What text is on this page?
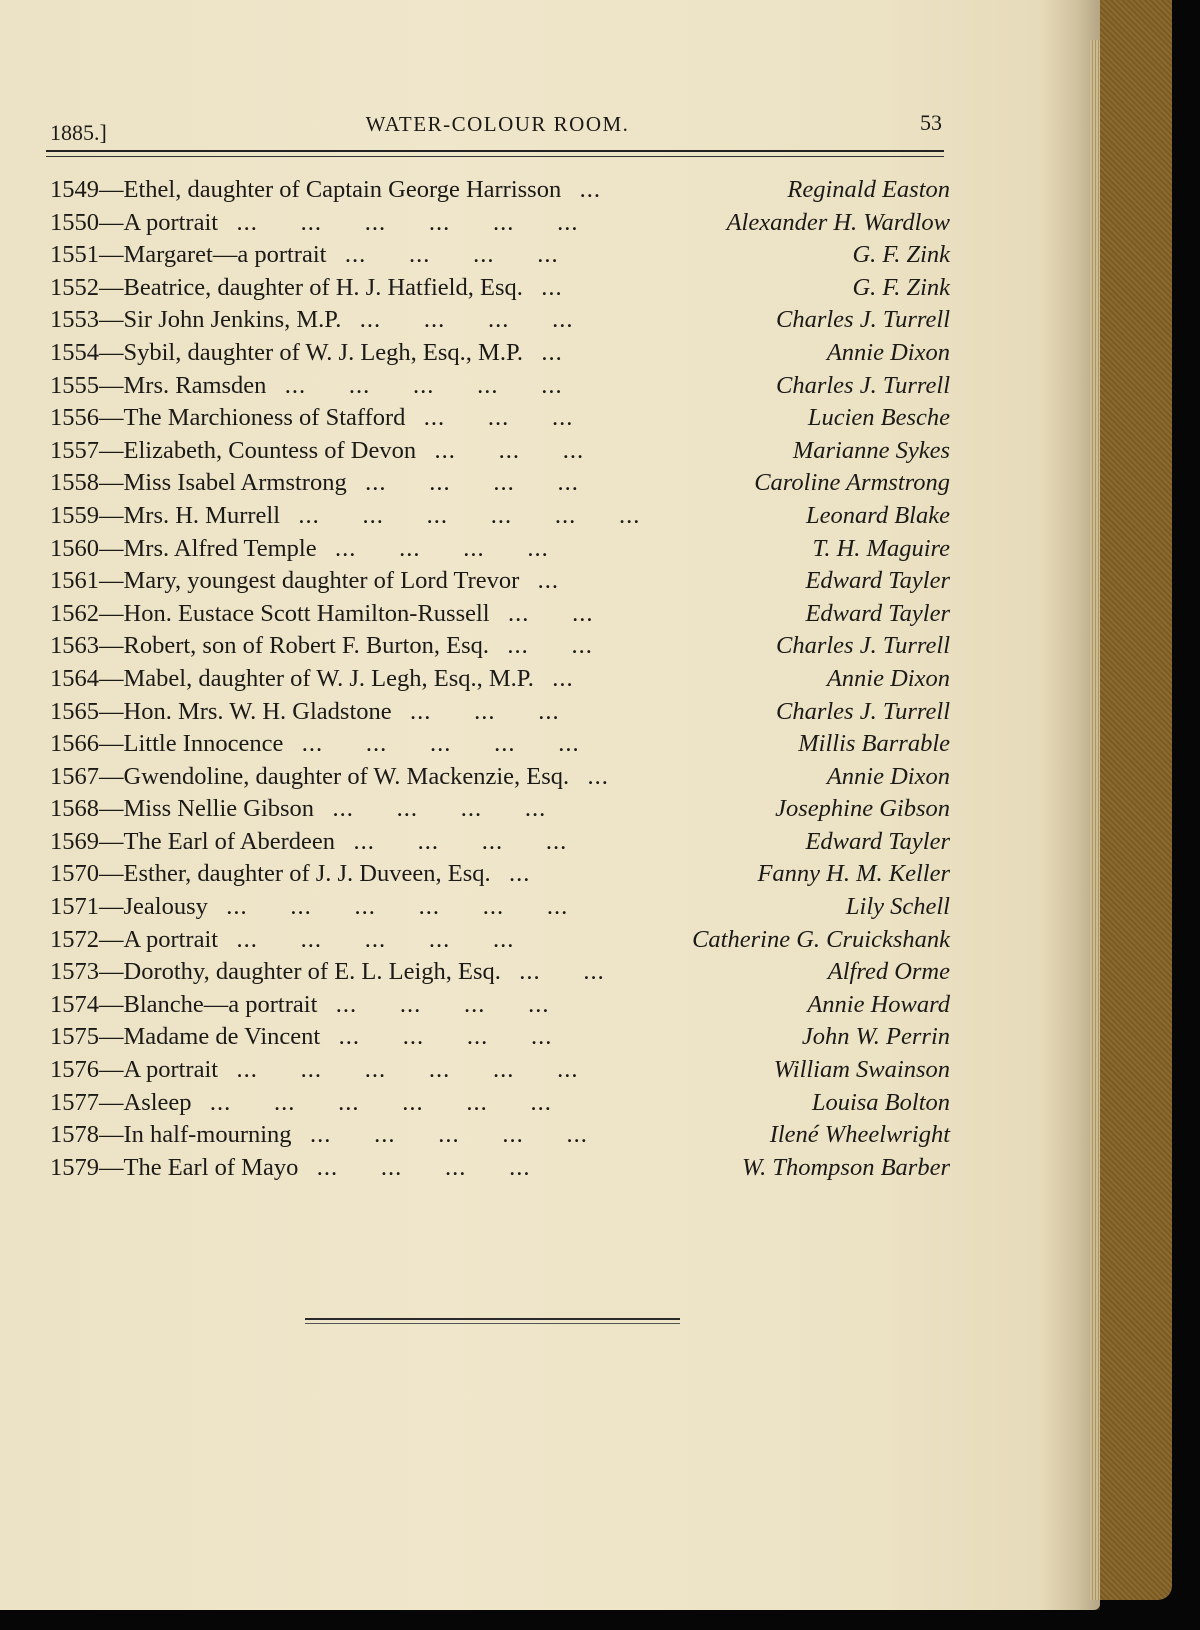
1885.]	WATER-COLOUR ROOM.	53
1549—Ethel, daughter of Captain George Harrisson ...	Reginald Easton
1550—A portrait ...      ...      ...      ...      ...      ...	Alexander H. Wardlow
1551—Margaret—a portrait ...      ...      ...      ...	G. F. Zink
1552—Beatrice, daughter of H. J. Hatfield, Esq. ...	G. F. Zink
1553—Sir John Jenkins, M.P. ...      ...      ...      ...	Charles J. Turrell
1554—Sybil, daughter of W. J. Legh, Esq., M.P. ...	Annie Dixon
1555—Mrs. Ramsden ...      ...      ...      ...      ...	Charles J. Turrell
1556—The Marchioness of Stafford ...      ...      ...	Lucien Besche
1557—Elizabeth, Countess of Devon ...      ...      ...	Marianne Sykes
1558—Miss Isabel Armstrong ...      ...      ...      ...	Caroline Armstrong
1559—Mrs. H. Murrell ...      ...      ...      ...      ...      ...	Leonard Blake
1560—Mrs. Alfred Temple ...      ...      ...      ...	T. H. Maguire
1561—Mary, youngest daughter of Lord Trevor ...	Edward Tayler
1562—Hon. Eustace Scott Hamilton-Russell ...      ...	Edward Tayler
1563—Robert, son of Robert F. Burton, Esq. ...      ...	Charles J. Turrell
1564—Mabel, daughter of W. J. Legh, Esq., M.P. ...	Annie Dixon
1565—Hon. Mrs. W. H. Gladstone ...      ...      ...	Charles J. Turrell
1566—Little Innocence ...      ...      ...      ...      ...	Millis Barrable
1567—Gwendoline, daughter of W. Mackenzie, Esq. ...	Annie Dixon
1568—Miss Nellie Gibson ...      ...      ...      ...	Josephine Gibson
1569—The Earl of Aberdeen ...      ...      ...      ...	Edward Tayler
1570—Esther, daughter of J. J. Duveen, Esq. ...	Fanny H. M. Keller
1571—Jealousy ...      ...      ...      ...      ...      ...	Lily Schell
1572—A portrait ...      ...      ...      ...      ...	Catherine G. Cruickshank
1573—Dorothy, daughter of E. L. Leigh, Esq. ...      ...	Alfred Orme
1574—Blanche—a portrait ...      ...      ...      ...	Annie Howard
1575—Madame de Vincent ...      ...      ...      ...	John W. Perrin
1576—A portrait ...      ...      ...      ...      ...      ...	William Swainson
1577—Asleep ...      ...      ...      ...      ...      ...	Louisa Bolton
1578—In half-mourning ...      ...      ...      ...      ...	Ilené Wheelwright
1579—The Earl of Mayo ...      ...      ...      ...	W. Thompson Barber
